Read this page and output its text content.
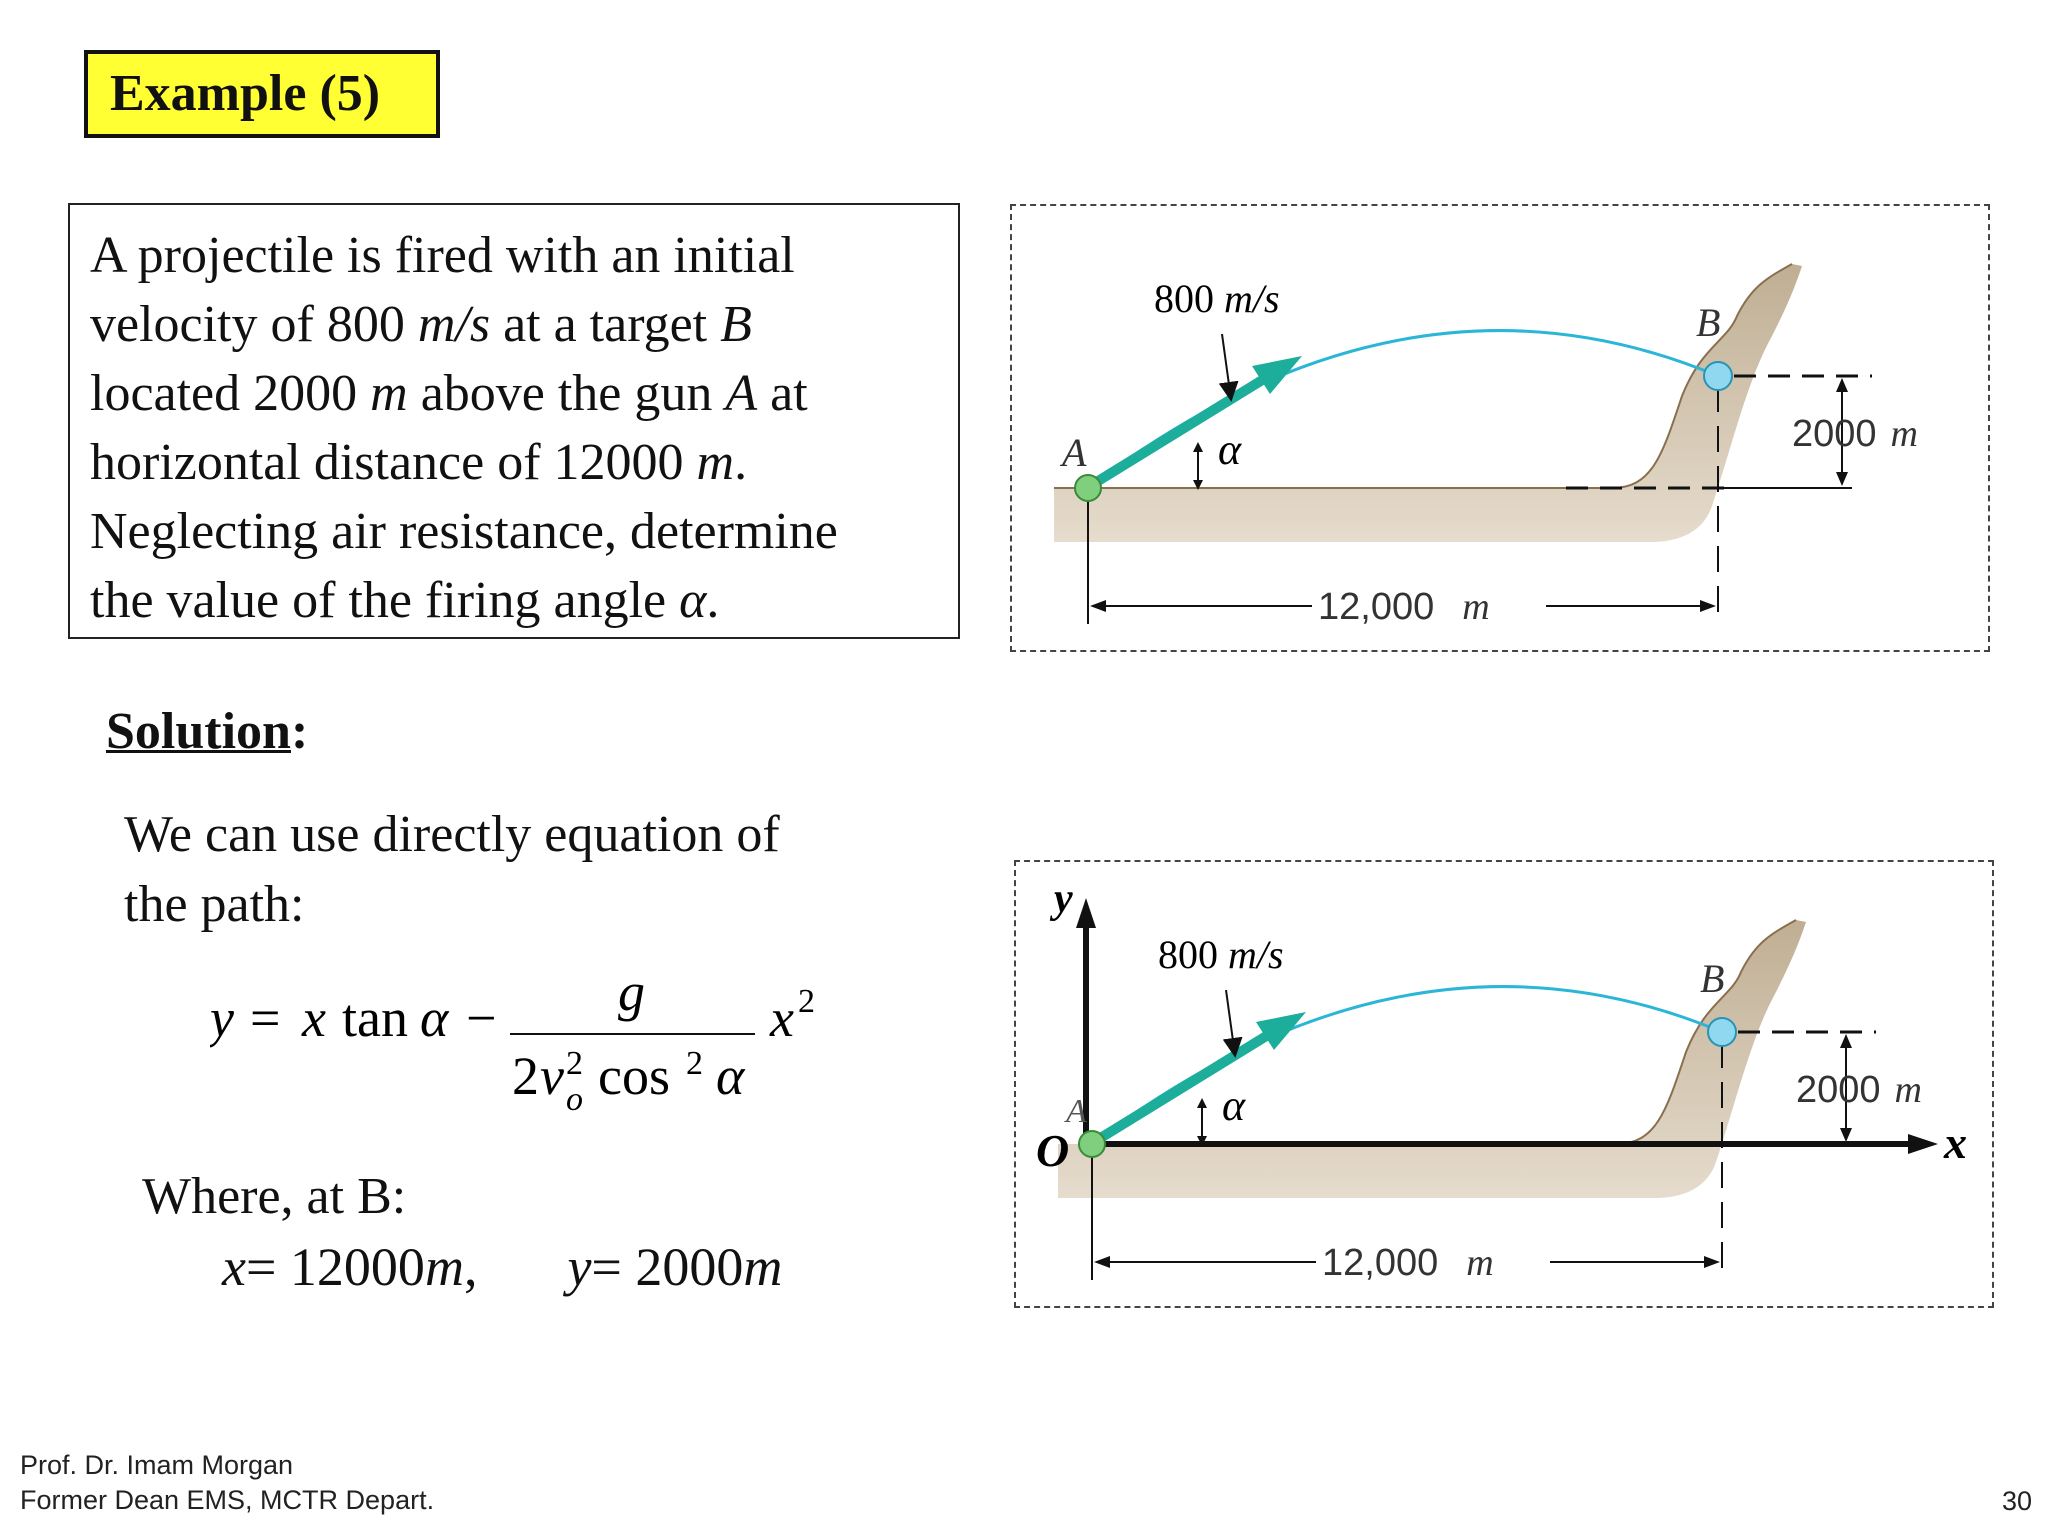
Example (5)
A projectile is fired with an initial
velocity of 800 m/s at a target B
located 2000 m above the gun A at
horizontal distance of 12000 m.
Neglecting air resistance, determine
the value of the firing angle α.
800 m/s
A
B
α	2000 m
12,000 m
800 m/s
A
B
α	2000 m
12,000 m
O	x
y
Solution:
We can use directly equation of
the path:
y = x tan α − g
2 v 2
o cos 2 α
x 2
Where, at B:
x= 12000m, y= 2000m
Prof. Dr. Imam Morgan
Former Dean EMS, MCTR Depart.	30
